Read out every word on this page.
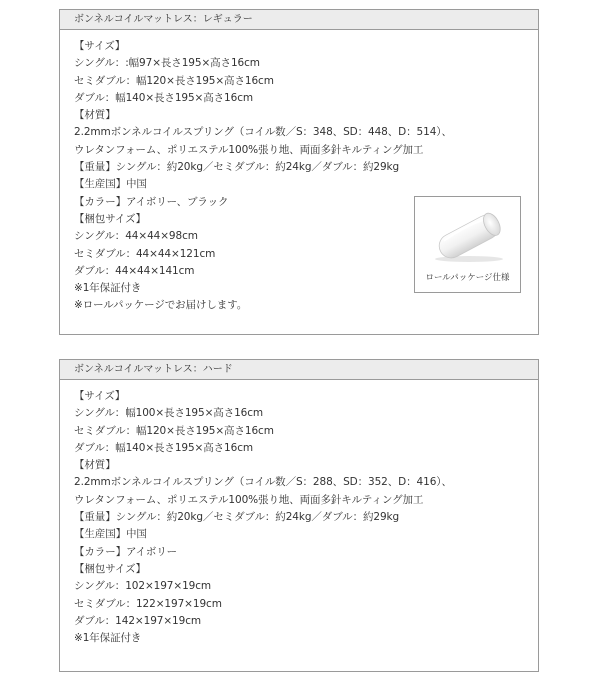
ボンネルコイルマットレス：レギュラー
【サイズ】
シングル：:幅97×長さ195×高さ16cm
セミダブル：幅120×長さ195×高さ16cm
ダブル：幅140×長さ195×高さ16cm
【材質】
2.2mmボンネルコイルスプリング（コイル数／S：348、SD：448、D：514）、
ウレタンフォーム、ポリエステル100%張り地、両面多針キルティング加工
【重量】シングル：約20kg／セミダブル：約24kg／ダブル：約29kg
【生産国】中国
【カラー】アイボリー、ブラック
【梱包サイズ】
シングル：44×44×98cm
セミダブル：44×44×121cm
ダブル：44×44×141cm
※1年保証付き
※ロールパッケージでお届けします。
ロールパッケージ仕様
ボンネルコイルマットレス：ハード
【サイズ】
シングル：幅100×長さ195×高さ16cm
セミダブル：幅120×長さ195×高さ16cm
ダブル：幅140×長さ195×高さ16cm
【材質】
2.2mmボンネルコイルスプリング（コイル数／S：288、SD：352、D：416）、
ウレタンフォーム、ポリエステル100%張り地、両面多針キルティング加工
【重量】シングル：約20kg／セミダブル：約24kg／ダブル：約29kg
【生産国】中国
【カラー】アイボリー
【梱包サイズ】
シングル：102×197×19cm
セミダブル：122×197×19cm
ダブル：142×197×19cm
※1年保証付き
